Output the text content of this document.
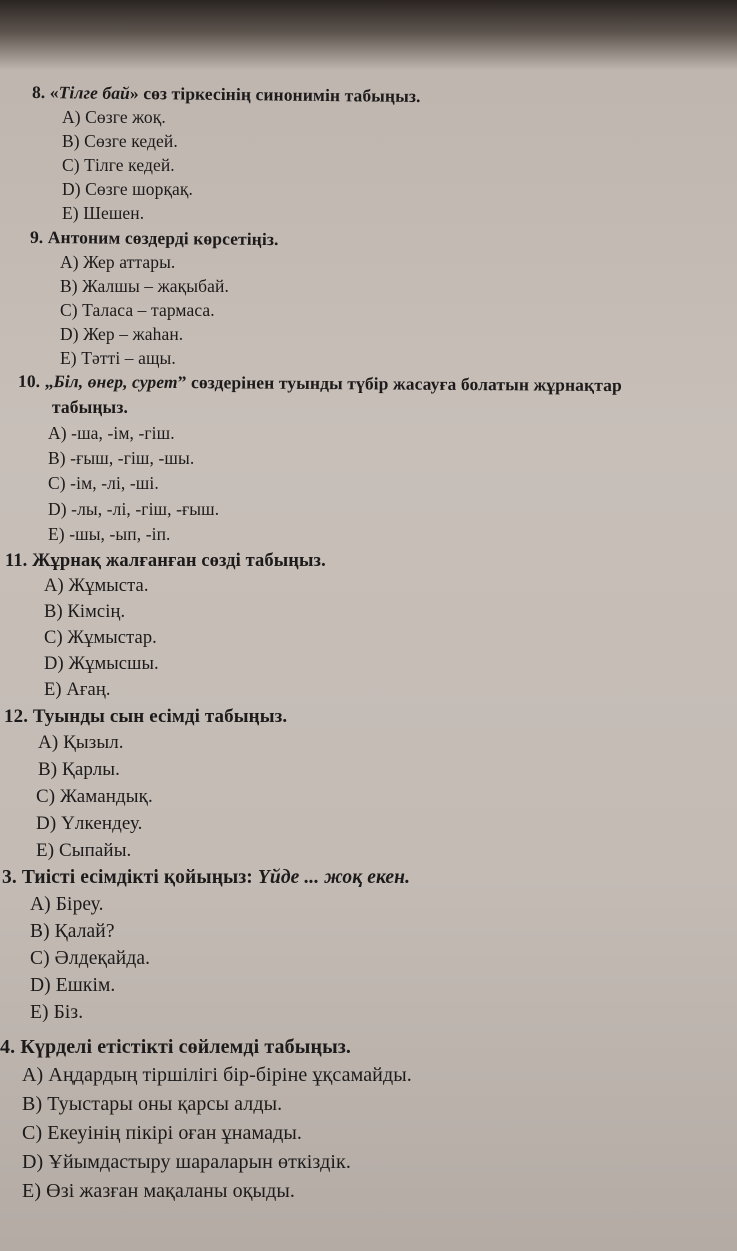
8. «Тілге бай» сөз тіркесінің синонимін табыңыз.
A) Сөзге жоқ.
B) Сөзге кедей.
C) Тілге кедей.
D) Сөзге шорқақ.
E) Шешен.
9. Антоним сөздерді көрсетіңіз.
A) Жер аттары.
B) Жалшы – жақыбай.
C) Таласа – тармаса.
D) Жер – жаһан.
E) Тәтті – ащы.
10. „Біл, өнер, сурет” сөздерінен туынды түбір жасауға болатын жұрнақтар
табыңыз.
A) -ша, -ім, -гіш.
B) -ғыш, -гіш, -шы.
C) -ім, -лі, -ші.
D) -лы, -лі, -гіш, -ғыш.
E) -шы, -ып, -іп.
11. Жұрнақ жалғанған сөзді табыңыз.
A) Жұмыста.
B) Кімсің.
C) Жұмыстар.
D) Жұмысшы.
E) Ағаң.
12. Туынды сын есімді табыңыз.
A) Қызыл.
B) Қарлы.
C) Жамандық.
D) Үлкендеу.
E) Сыпайы.
3. Тиісті есімдікті қойыңыз: Үйде ... жоқ екен.
A) Біреу.
B) Қалай?
C) Әлдеқайда.
D) Ешкім.
E) Біз.
4. Күрделі етістікті сөйлемді табыңыз.
A) Аңдардың тіршілігі бір-біріне ұқсамайды.
B) Туыстары оны қарсы алды.
C) Екеуінің пікірі оған ұнамады.
D) Ұйымдастыру шараларын өткіздік.
E) Өзі жазған мақаланы оқыды.
